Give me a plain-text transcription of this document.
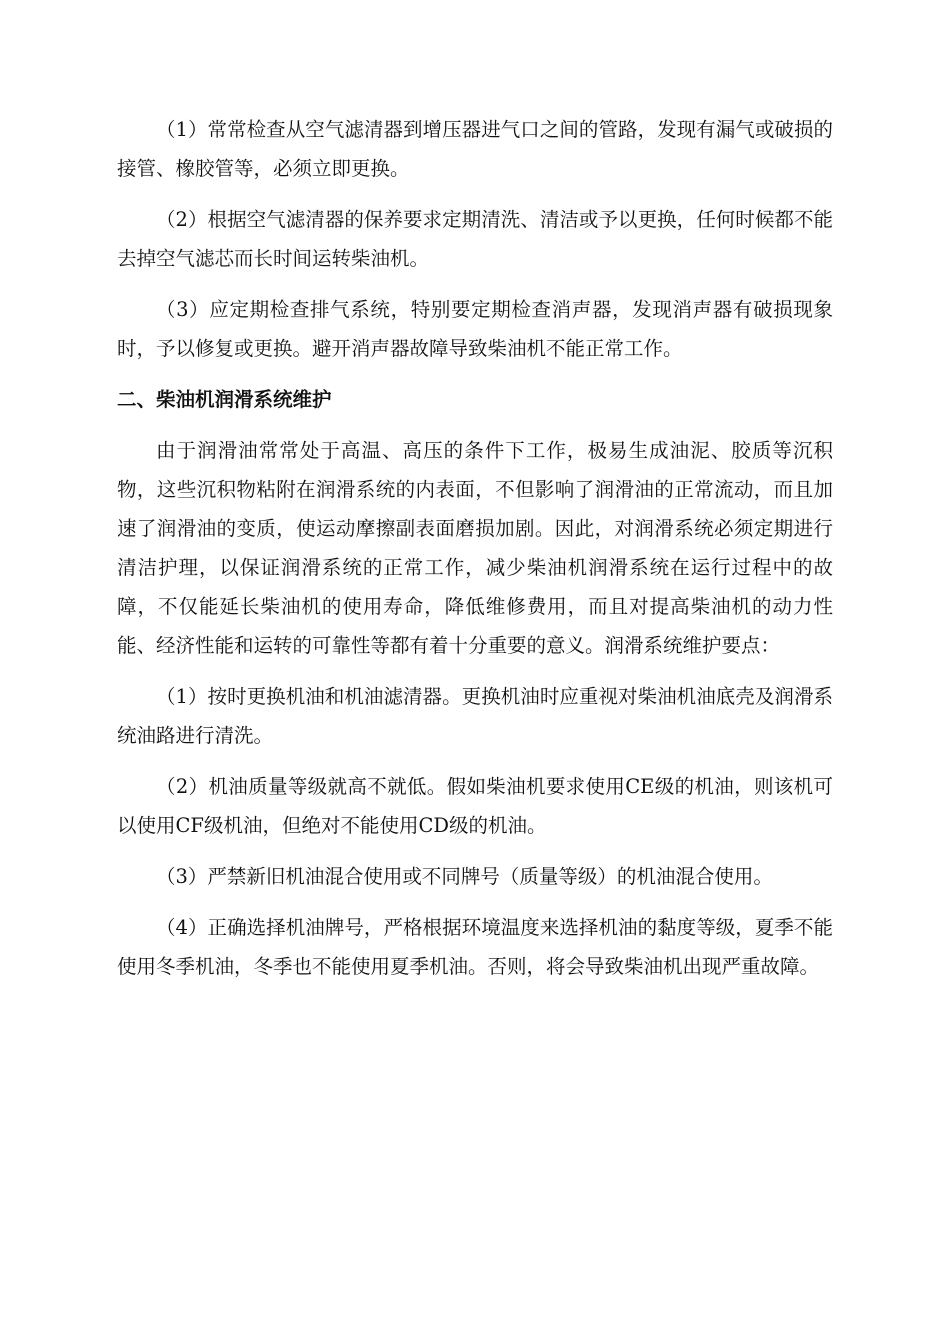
（1）常常检查从空气滤清器到增压器进气口之间的管路，发现有漏气或破损的接管、橡胶管等，必须立即更换。

（2）根据空气滤清器的保养要求定期清洗、清洁或予以更换，任何时候都不能去掉空气滤芯而长时间运转柴油机。

（3）应定期检查排气系统，特别要定期检查消声器，发现消声器有破损现象时，予以修复或更换。避开消声器故障导致柴油机不能正常工作。

二、柴油机润滑系统维护

由于润滑油常常处于高温、高压的条件下工作，极易生成油泥、胶质等沉积物，这些沉积物粘附在润滑系统的内表面，不但影响了润滑油的正常流动，而且加速了润滑油的变质，使运动摩擦副表面磨损加剧。因此，对润滑系统必须定期进行清洁护理，以保证润滑系统的正常工作，减少柴油机润滑系统在运行过程中的故障，不仅能延长柴油机的使用寿命，降低维修费用，而且对提高柴油机的动力性能、经济性能和运转的可靠性等都有着十分重要的意义。润滑系统维护要点：

（1）按时更换机油和机油滤清器。更换机油时应重视对柴油机油底壳及润滑系统油路进行清洗。

（2）机油质量等级就高不就低。假如柴油机要求使用CE级的机油，则该机可以使用CF级机油，但绝对不能使用CD级的机油。

（3）严禁新旧机油混合使用或不同牌号（质量等级）的机油混合使用。

（4）正确选择机油牌号，严格根据环境温度来选择机油的黏度等级，夏季不能使用冬季机油，冬季也不能使用夏季机油。否则，将会导致柴油机出现严重故障。
